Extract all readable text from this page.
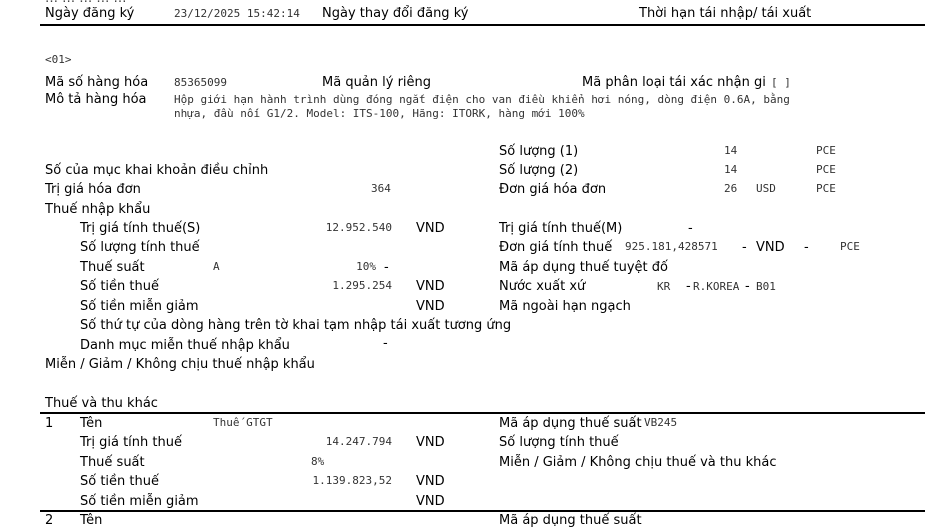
Ngày đăng ký	23/12/2025 15:42:14 Ngày thay đổi đăng ký	Thời hạn tái nhập/ tái xuất
<01>
Mã số hàng hóa 85365099	Mã quản lý riêng	Mã phân loại tái xác nhận gi [ ]
Mô tả hàng hóa	Hộp giới hạn hành trình dùng đóng ngắt điện cho van điều khiển hơi nóng, dòng điện 0.6A, bằng
nhựa, đầu nối G1/2. Model: ITS-100, Hãng: ITORK, hàng mới 100%
Số lượng (1)	14	PCE
Số của mục khai khoản điều chỉnh	Số lượng (2)	14	PCE
Trị giá hóa đơn	364	Đơn giá hóa đơn	26 USD	PCE
Thuế nhập khẩu
Trị giá tính thuế(S)	12.952.540 VND	Trị giá tính thuế(M)	-
Số lượng tính thuế	Đơn giá tính thuế 925.181,428571 - VND -	PCE
Thuế suất	A	10% -	Mã áp dụng thuế tuyệt đố
Số tiền thuế	1.295.254 VND	Nước xuất xứ	KR - R.KOREA - B01
Số tiền miễn giảm	VND	Mã ngoài hạn ngạch
Số thứ tự của dòng hàng trên tờ khai tạm nhập tái xuất tương ứng
Danh mục miễn thuế nhập khẩu	-
Miễn / Giảm / Không chịu thuế nhập khẩu
Thuế và thu khác
1 Tên	Thuế GTGT	Mã áp dụng thuế suất VB245
Trị giá tính thuế	14.247.794 VND	Số lượng tính thuế
Thuế suất	8%	Miễn / Giảm / Không chịu thuế và thu khác
Số tiền thuế	1.139.823,52 VND
Số tiền miễn giảm	VND
2 Tên	Mã áp dụng thuế suất
